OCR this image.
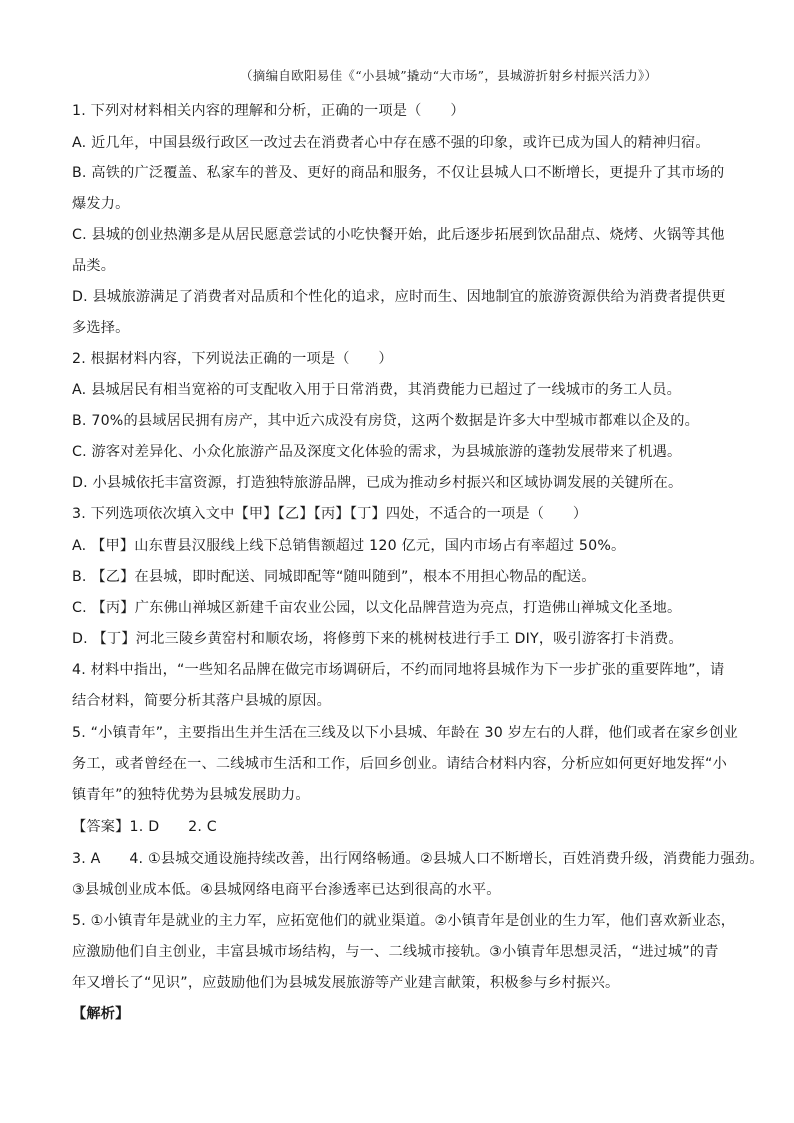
（摘编自欧阳易佳《“小县城”撬动“大市场”，县城游折射乡村振兴活力》）
1. 下列对材料相关内容的理解和分析，正确的一项是（　　）
A. 近几年，中国县级行政区一改过去在消费者心中存在感不强的印象，或许已成为国人的精神归宿。
B. 高铁的广泛覆盖、私家车的普及、更好的商品和服务，不仅让县城人口不断增长，更提升了其市场的
爆发力。
C. 县城的创业热潮多是从居民愿意尝试的小吃快餐开始，此后逐步拓展到饮品甜点、烧烤、火锅等其他
品类。
D. 县城旅游满足了消费者对品质和个性化的追求，应时而生、因地制宜的旅游资源供给为消费者提供更
多选择。
2. 根据材料内容，下列说法正确的一项是（　　）
A. 县城居民有相当宽裕的可支配收入用于日常消费，其消费能力已超过了一线城市的务工人员。
B. 70%的县域居民拥有房产，其中近六成没有房贷，这两个数据是许多大中型城市都难以企及的。
C. 游客对差异化、小众化旅游产品及深度文化体验的需求，为县城旅游的蓬勃发展带来了机遇。
D. 小县城依托丰富资源，打造独特旅游品牌，已成为推动乡村振兴和区域协调发展的关键所在。
3. 下列选项依次填入文中【甲】【乙】【丙】【丁】四处，不适合的一项是（　　）
A. 【甲】山东曹县汉服线上线下总销售额超过 120 亿元，国内市场占有率超过 50%。
B. 【乙】在县城，即时配送、同城即配等“随叫随到”，根本不用担心物品的配送。
C. 【丙】广东佛山禅城区新建千亩农业公园，以文化品牌营造为亮点，打造佛山禅城文化圣地。
D. 【丁】河北三陵乡黄窑村和顺农场，将修剪下来的桃树枝进行手工 DIY，吸引游客打卡消费。
4. 材料中指出，“一些知名品牌在做完市场调研后，不约而同地将县城作为下一步扩张的重要阵地”，请
结合材料，简要分析其落户县城的原因。
5. “小镇青年”，主要指出生并生活在三线及以下小县城、年龄在 30 岁左右的人群，他们或者在家乡创业
务工，或者曾经在一、二线城市生活和工作，后回乡创业。请结合材料内容，分析应如何更好地发挥“小
镇青年”的独特优势为县城发展助力。
【答案】1. D　　2. C
3. A　　4. ①县城交通设施持续改善，出行网络畅通。②县城人口不断增长，百姓消费升级，消费能力强劲。
③县城创业成本低。④县城网络电商平台渗透率已达到很高的水平。
5. ①小镇青年是就业的主力军，应拓宽他们的就业渠道。②小镇青年是创业的生力军，他们喜欢新业态，
应激励他们自主创业，丰富县城市场结构，与一、二线城市接轨。③小镇青年思想灵活，“进过城”的青
年又增长了“见识”，应鼓励他们为县城发展旅游等产业建言献策，积极参与乡村振兴。
【解析】
